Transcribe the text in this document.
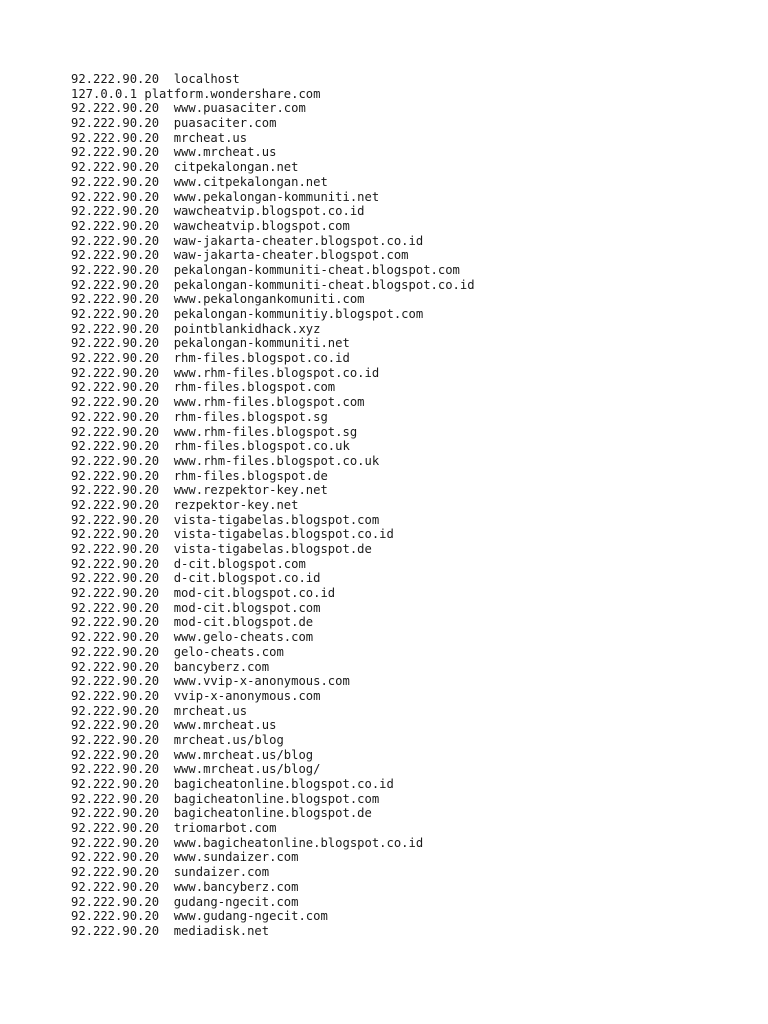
92.222.90.20  localhost
127.0.0.1 platform.wondershare.com
92.222.90.20  www.puasaciter.com
92.222.90.20  puasaciter.com
92.222.90.20  mrcheat.us
92.222.90.20  www.mrcheat.us
92.222.90.20  citpekalongan.net
92.222.90.20  www.citpekalongan.net
92.222.90.20  www.pekalongan-kommuniti.net
92.222.90.20  wawcheatvip.blogspot.co.id
92.222.90.20  wawcheatvip.blogspot.com
92.222.90.20  waw-jakarta-cheater.blogspot.co.id
92.222.90.20  waw-jakarta-cheater.blogspot.com
92.222.90.20  pekalongan-kommuniti-cheat.blogspot.com
92.222.90.20  pekalongan-kommuniti-cheat.blogspot.co.id
92.222.90.20  www.pekalongankomuniti.com
92.222.90.20  pekalongan-kommunitiy.blogspot.com
92.222.90.20  pointblankidhack.xyz
92.222.90.20  pekalongan-kommuniti.net
92.222.90.20  rhm-files.blogspot.co.id
92.222.90.20  www.rhm-files.blogspot.co.id
92.222.90.20  rhm-files.blogspot.com
92.222.90.20  www.rhm-files.blogspot.com
92.222.90.20  rhm-files.blogspot.sg
92.222.90.20  www.rhm-files.blogspot.sg
92.222.90.20  rhm-files.blogspot.co.uk
92.222.90.20  www.rhm-files.blogspot.co.uk
92.222.90.20  rhm-files.blogspot.de
92.222.90.20  www.rezpektor-key.net
92.222.90.20  rezpektor-key.net
92.222.90.20  vista-tigabelas.blogspot.com
92.222.90.20  vista-tigabelas.blogspot.co.id
92.222.90.20  vista-tigabelas.blogspot.de
92.222.90.20  d-cit.blogspot.com
92.222.90.20  d-cit.blogspot.co.id
92.222.90.20  mod-cit.blogspot.co.id
92.222.90.20  mod-cit.blogspot.com
92.222.90.20  mod-cit.blogspot.de
92.222.90.20  www.gelo-cheats.com
92.222.90.20  gelo-cheats.com
92.222.90.20  bancyberz.com
92.222.90.20  www.vvip-x-anonymous.com
92.222.90.20  vvip-x-anonymous.com
92.222.90.20  mrcheat.us
92.222.90.20  www.mrcheat.us
92.222.90.20  mrcheat.us/blog
92.222.90.20  www.mrcheat.us/blog
92.222.90.20  www.mrcheat.us/blog/
92.222.90.20  bagicheatonline.blogspot.co.id
92.222.90.20  bagicheatonline.blogspot.com
92.222.90.20  bagicheatonline.blogspot.de
92.222.90.20  triomarbot.com
92.222.90.20  www.bagicheatonline.blogspot.co.id
92.222.90.20  www.sundaizer.com
92.222.90.20  sundaizer.com
92.222.90.20  www.bancyberz.com
92.222.90.20  gudang-ngecit.com
92.222.90.20  www.gudang-ngecit.com
92.222.90.20  mediadisk.net
